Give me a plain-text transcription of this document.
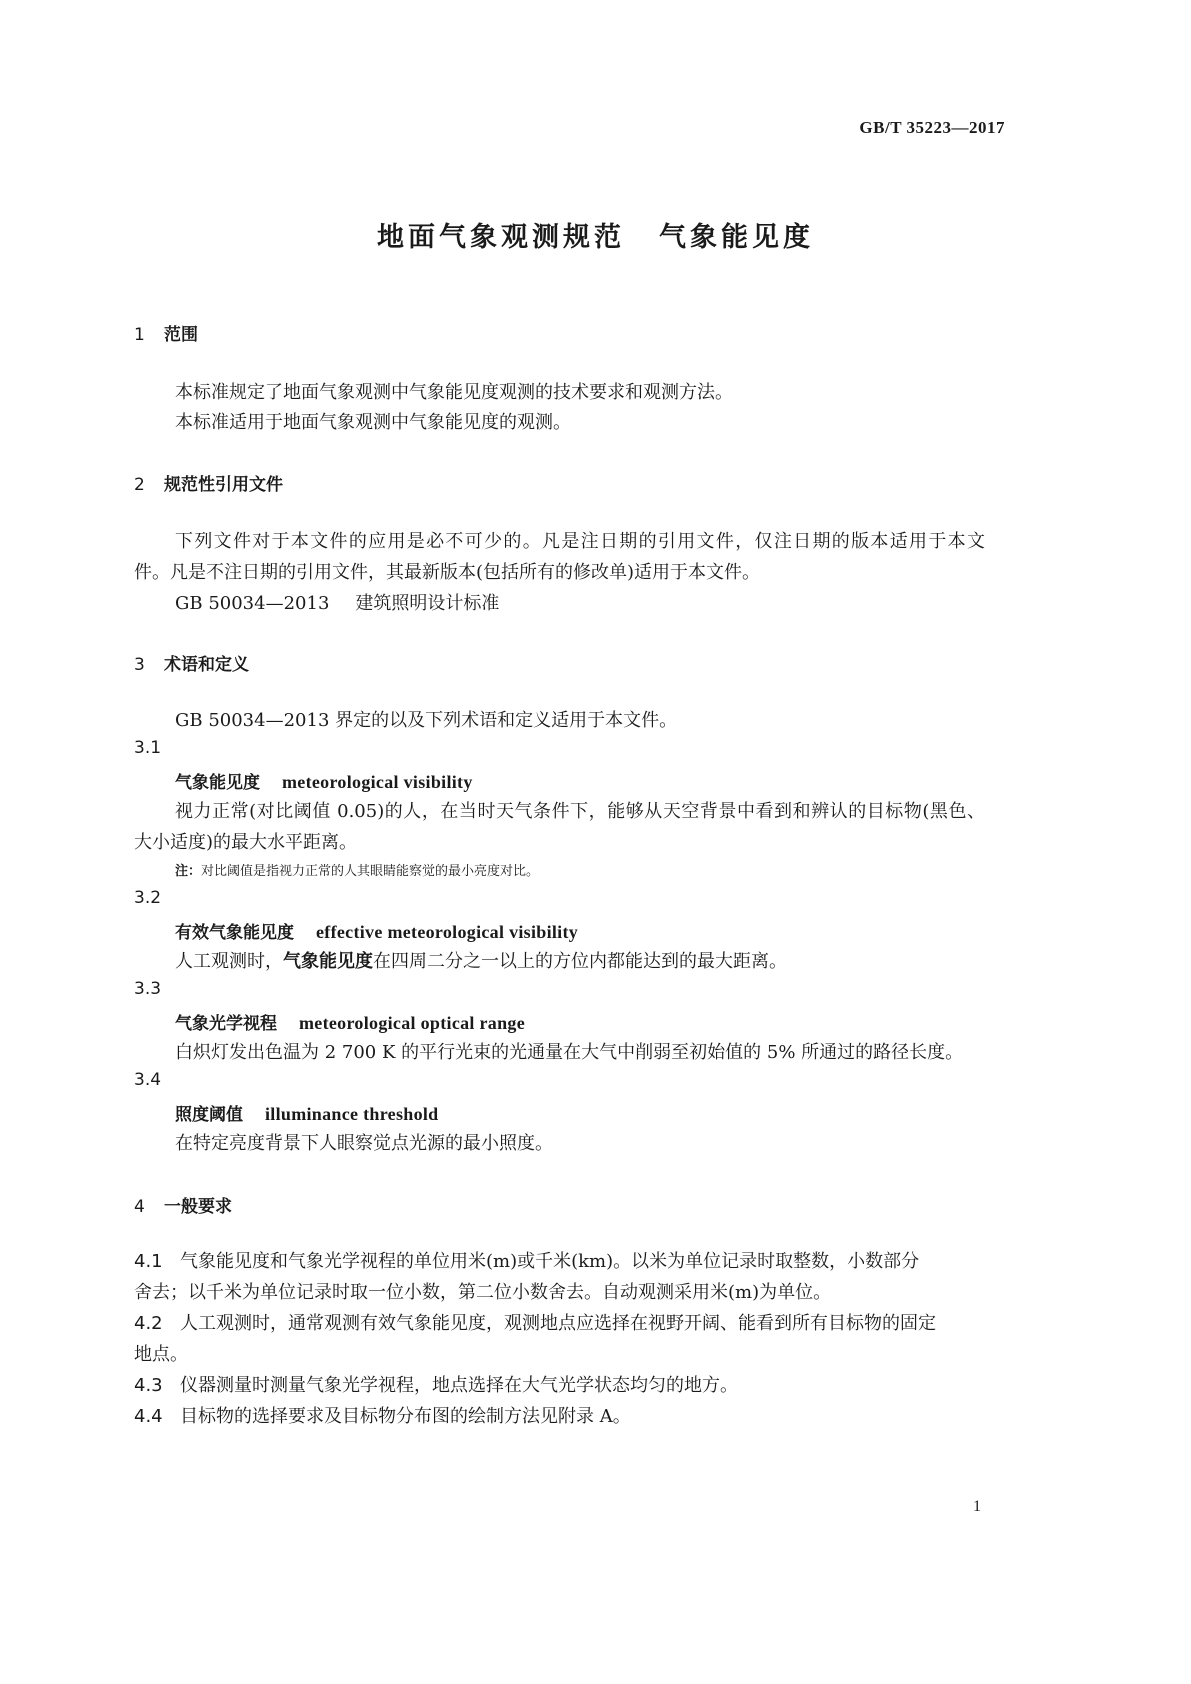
GB/T 35223—2017
地面气象观测规范 气象能见度
1 范围
本标准规定了地面气象观测中气象能见度观测的技术要求和观测方法。
本标准适用于地面气象观测中气象能见度的观测。
2 规范性引用文件
下列文件对于本文件的应用是必不可少的。凡是注日期的引用文件，仅注日期的版本适用于本文
件。凡是不注日期的引用文件，其最新版本(包括所有的修改单)适用于本文件。
GB 50034—2013 建筑照明设计标准
3 术语和定义
GB 50034—2013 界定的以及下列术语和定义适用于本文件。
3.1
气象能见度 meteorological visibility
视力正常(对比阈值 0.05)的人，在当时天气条件下，能够从天空背景中看到和辨认的目标物(黑色、
大小适度)的最大水平距离。
注：对比阈值是指视力正常的人其眼睛能察觉的最小亮度对比。
3.2
有效气象能见度 effective meteorological visibility
人工观测时，气象能见度在四周二分之一以上的方位内都能达到的最大距离。
3.3
气象光学视程 meteorological optical range
白炽灯发出色温为 2 700 K 的平行光束的光通量在大气中削弱至初始值的 5% 所通过的路径长度。
3.4
照度阈值 illuminance threshold
在特定亮度背景下人眼察觉点光源的最小照度。
4 一般要求
4.1 气象能见度和气象光学视程的单位用米(m)或千米(km)。以米为单位记录时取整数，小数部分
舍去；以千米为单位记录时取一位小数，第二位小数舍去。自动观测采用米(m)为单位。
4.2 人工观测时，通常观测有效气象能见度，观测地点应选择在视野开阔、能看到所有目标物的固定
地点。
4.3 仪器测量时测量气象光学视程，地点选择在大气光学状态均匀的地方。
4.4 目标物的选择要求及目标物分布图的绘制方法见附录 A。
1
